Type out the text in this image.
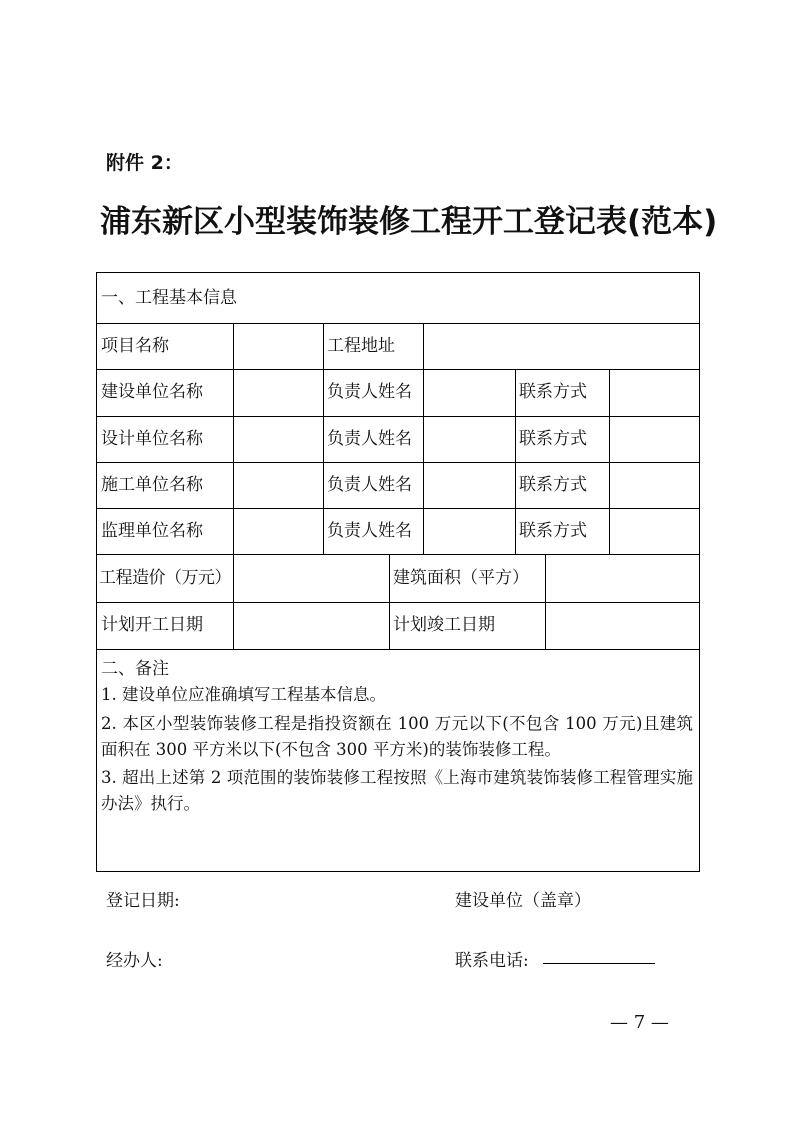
附件 2：
浦东新区小型装饰装修工程开工登记表(范本)
一、工程基本信息
项目名称	工程地址
建设单位名称	负责人姓名	联系方式
设计单位名称	负责人姓名	联系方式
施工单位名称	负责人姓名	联系方式
监理单位名称	负责人姓名	联系方式
工程造价（万元）	建筑面积（平方）
计划开工日期	计划竣工日期
二、备注
1. 建设单位应准确填写工程基本信息。
2. 本区小型装饰装修工程是指投资额在 100 万元以下(不包含 100 万元)且建筑面积在 300 平方米以下(不包含 300 平方米)的装饰装修工程。
3. 超出上述第 2 项范围的装饰装修工程按照《上海市建筑装饰装修工程管理实施办法》执行。
登记日期:	建设单位（盖章）
经办人:	联系电话:
— 7 —
